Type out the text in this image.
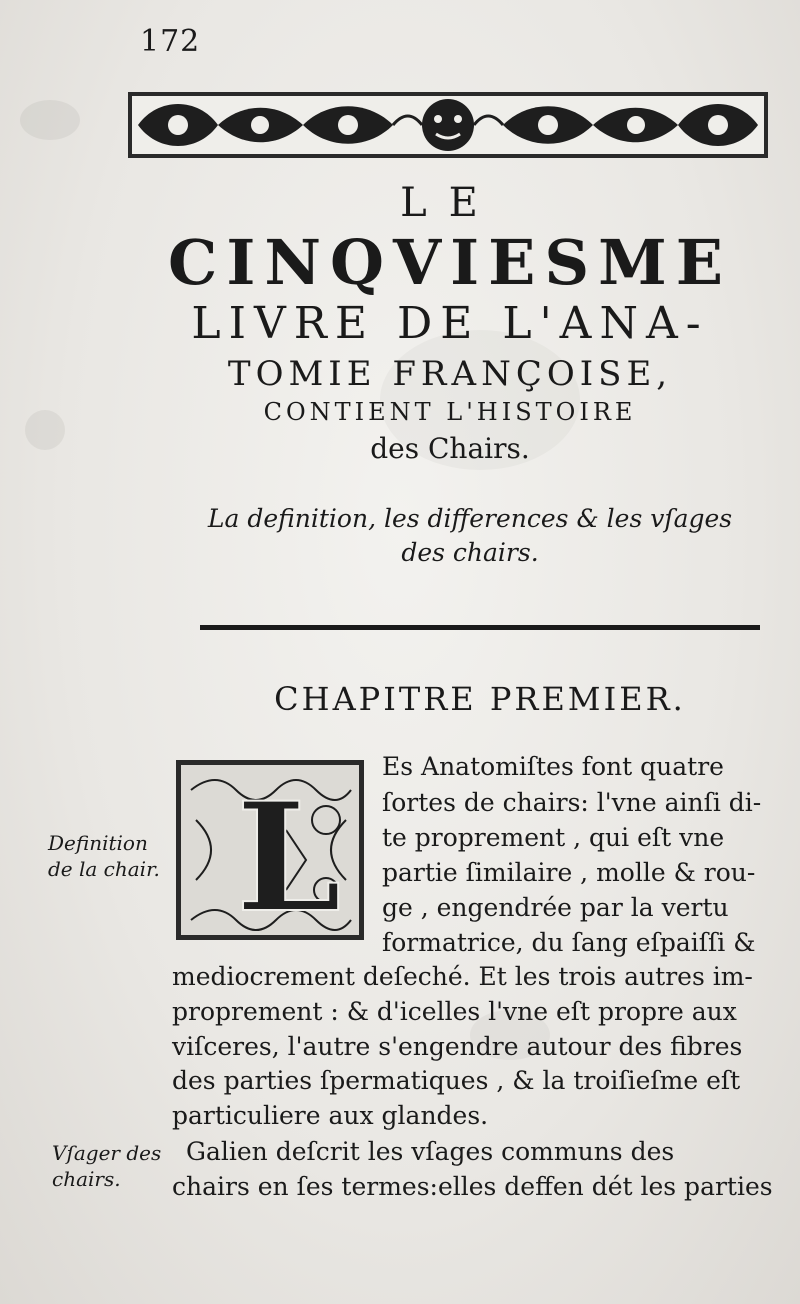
172
LE
CINQVIESME
LIVRE DE L'ANA-
TOMIE FRANÇOISE,
CONTIENT L'HISTOIRE
des Chairs.
La definition, les differences & les vſages
des chairs.
CHAPITRE PREMIER.
L
Es Anatomiſtes font quatre
ſortes de chairs: l'vne ainſi di-
te proprement , qui eſt vne
partie ſimilaire , molle & rou-
ge , engendrée par la vertu
formatrice, du ſang eſpaiſſi &
mediocrement deſeché. Et les trois autres im-
proprement : & d'icelles l'vne eſt propre aux
viſceres, l'autre s'engendre autour des fibres
des parties ſpermatiques , & la troiſieſme eſt
particuliere aux glandes.
Galien deſcrit les vſages communs des
chairs en ſes termes:elles deffen dét les parties
Definition
de la chair.
Vſager des
chairs.
